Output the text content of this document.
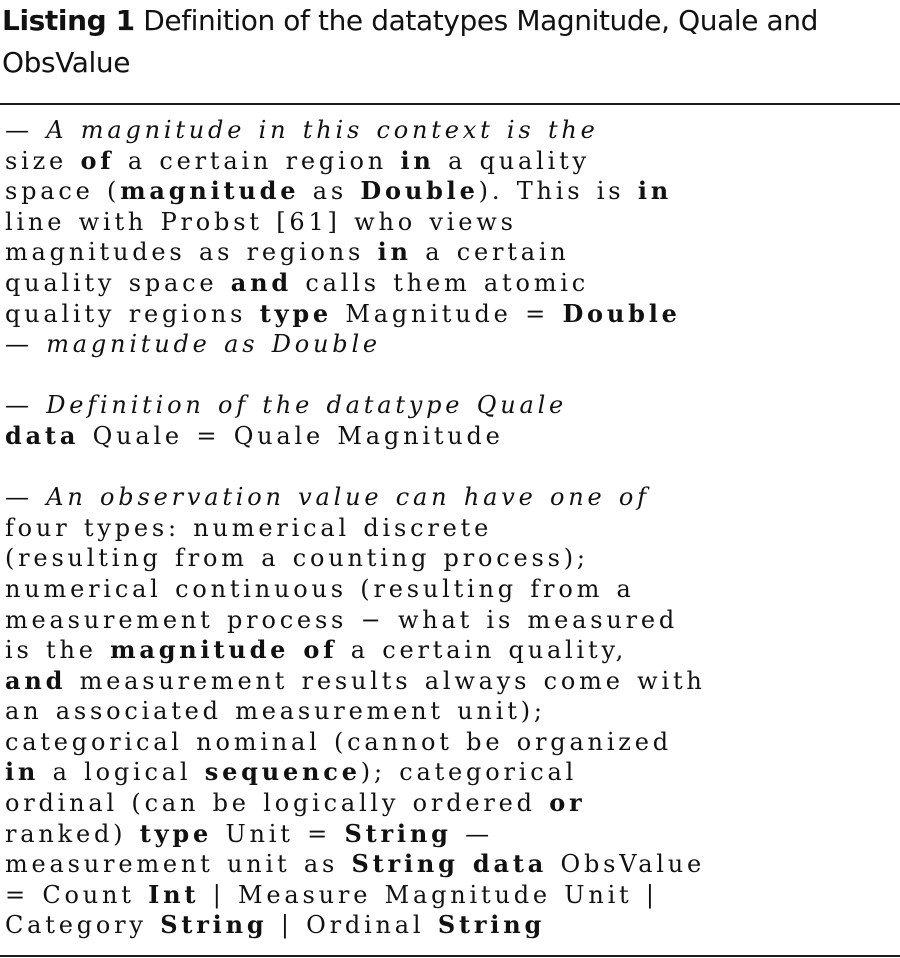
Listing 1 Definition of the datatypes Magnitude, Quale and ObsValue
— A magnitude in this context is the
size of a certain region in a quality
space (magnitude as Double). This is in
line with Probst [61] who views
magnitudes as regions in a certain
quality space and calls them atomic
quality regions type Magnitude = Double
— magnitude as Double

— Definition of the datatype Quale
data Quale = Quale Magnitude

— An observation value can have one of
four types: numerical discrete
(resulting from a counting process);
numerical continuous (resulting from a
measurement process − what is measured
is the magnitude of a certain quality,
and measurement results always come with
an associated measurement unit);
categorical nominal (cannot be organized
in a logical sequence); categorical
ordinal (can be logically ordered or
ranked) type Unit = String —
measurement unit as String data ObsValue
= Count Int | Measure Magnitude Unit |
Category String | Ordinal String
